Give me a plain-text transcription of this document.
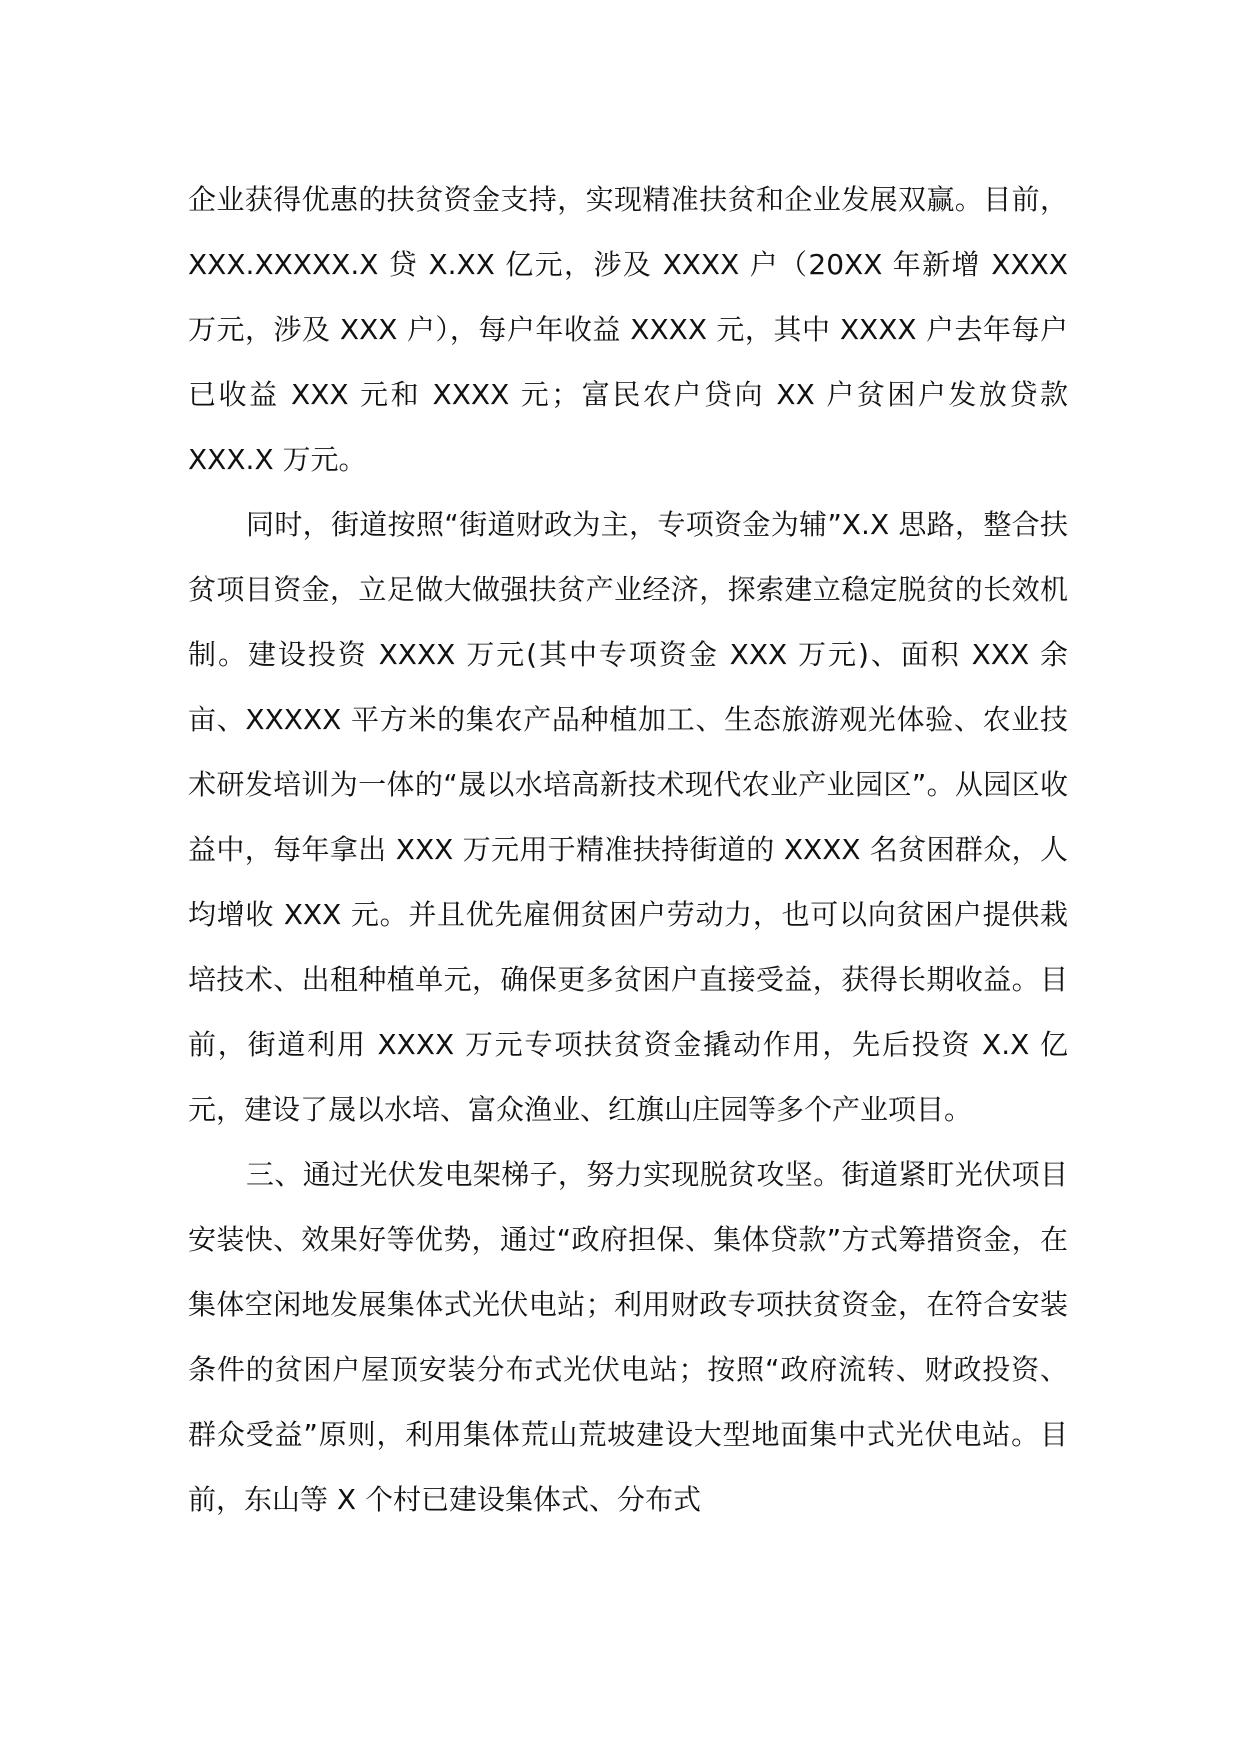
企业获得优惠的扶贫资金支持，实现精准扶贫和企业发展双赢。目前，XXX.XXXXX.X 贷 X.XX 亿元，涉及 XXXX 户（20XX 年新增 XXXX 万元，涉及 XXX 户），每户年收益 XXXX 元，其中 XXXX 户去年每户已收益 XXX 元和 XXXX 元；富民农户贷向 XX 户贫困户发放贷款 XXX.X 万元。

同时，街道按照“街道财政为主，专项资金为辅”X.X 思路，整合扶贫项目资金，立足做大做强扶贫产业经济，探索建立稳定脱贫的长效机制。建设投资 XXXX 万元(其中专项资金 XXX 万元)、面积 XXX 余亩、XXXXX 平方米的集农产品种植加工、生态旅游观光体验、农业技术研发培训为一体的“晟以水培高新技术现代农业产业园区”。从园区收益中，每年拿出 XXX 万元用于精准扶持街道的 XXXX 名贫困群众，人均增收 XXX 元。并且优先雇佣贫困户劳动力，也可以向贫困户提供栽培技术、出租种植单元，确保更多贫困户直接受益，获得长期收益。目前，街道利用 XXXX 万元专项扶贫资金撬动作用，先后投资 X.X 亿元，建设了晟以水培、富众渔业、红旗山庄园等多个产业项目。

三、通过光伏发电架梯子，努力实现脱贫攻坚。街道紧盯光伏项目安装快、效果好等优势，通过“政府担保、集体贷款”方式筹措资金，在集体空闲地发展集体式光伏电站；利用财政专项扶贫资金，在符合安装条件的贫困户屋顶安装分布式光伏电站；按照“政府流转、财政投资、群众受益”原则，利用集体荒山荒坡建设大型地面集中式光伏电站。目前，东山等 X 个村已建设集体式、分布式
